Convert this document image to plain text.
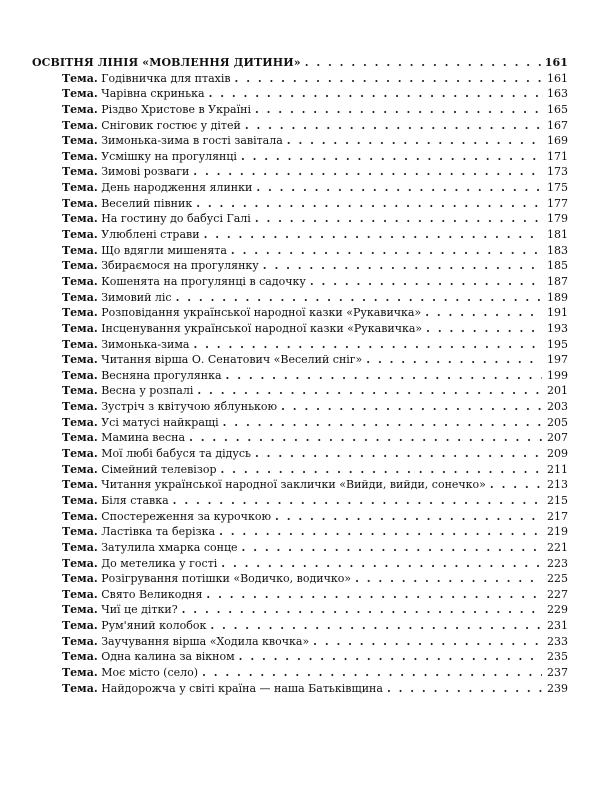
ОСВІТНЯ ЛІНІЯ «МОВЛЕННЯ ДИТИНИ» . . .	161
Тема. Годівничка для птахів . . .	161
Тема. Чарівна скринька . . .	163
Тема. Різдво Христове в Україні . . .	165
Тема. Сніговик гостює у дітей . . .	167
Тема. Зимонька-зима в гості завітала . . .	169
Тема. Усмішку на прогулянці . . .	171
Тема. Зимові розваги . . .	173
Тема. День народження ялинки . . .	175
Тема. Веселий півник . . .	177
Тема. На гостину до бабусі Галі . . .	179
Тема. Улюблені страви . . .	181
Тема. Що вдягли мишенята . . .	183
Тема. Збираємося на прогулянку . . .	185
Тема. Кошенята на прогулянці в садочку . . .	187
Тема. Зимовий ліс . . .	189
Тема. Розповідання української народної казки «Рукавичка» . . .	191
Тема. Інсценування української народної казки «Рукавичка» . . .	193
Тема. Зимонька-зима . . .	195
Тема. Читання вірша О. Сенатович «Веселий сніг» . . .	197
Тема. Весняна прогулянка . . .	199
Тема. Весна у розпалі . . .	201
Тема. Зустріч з квітучою яблунькою . . .	203
Тема. Усі матусі найкращі . . .	205
Тема. Мамина весна . . .	207
Тема. Мої любі бабуся та дідусь . . .	209
Тема. Сімейний телевізор . . .	211
Тема. Читання української народної заклички «Вийди, вийди, сонечко» . . .	213
Тема. Біля ставка . . .	215
Тема. Спостереження за курочкою . . .	217
Тема. Ластівка та берізка . . .	219
Тема. Затулила хмарка сонце . . .	221
Тема. До метелика у гості . . .	223
Тема. Розігрування потішки «Водичко, водичко» . . .	225
Тема. Свято Великодня . . .	227
Тема. Чиї це дітки? . . .	229
Тема. Рум'яний колобок . . .	231
Тема. Заучування вірша «Ходила квочка» . . .	233
Тема. Одна калина за вікном . . .	235
Тема. Моє місто (село) . . .	237
Тема. Найдорожча у світі країна — наша Батьківщина . . .	239
